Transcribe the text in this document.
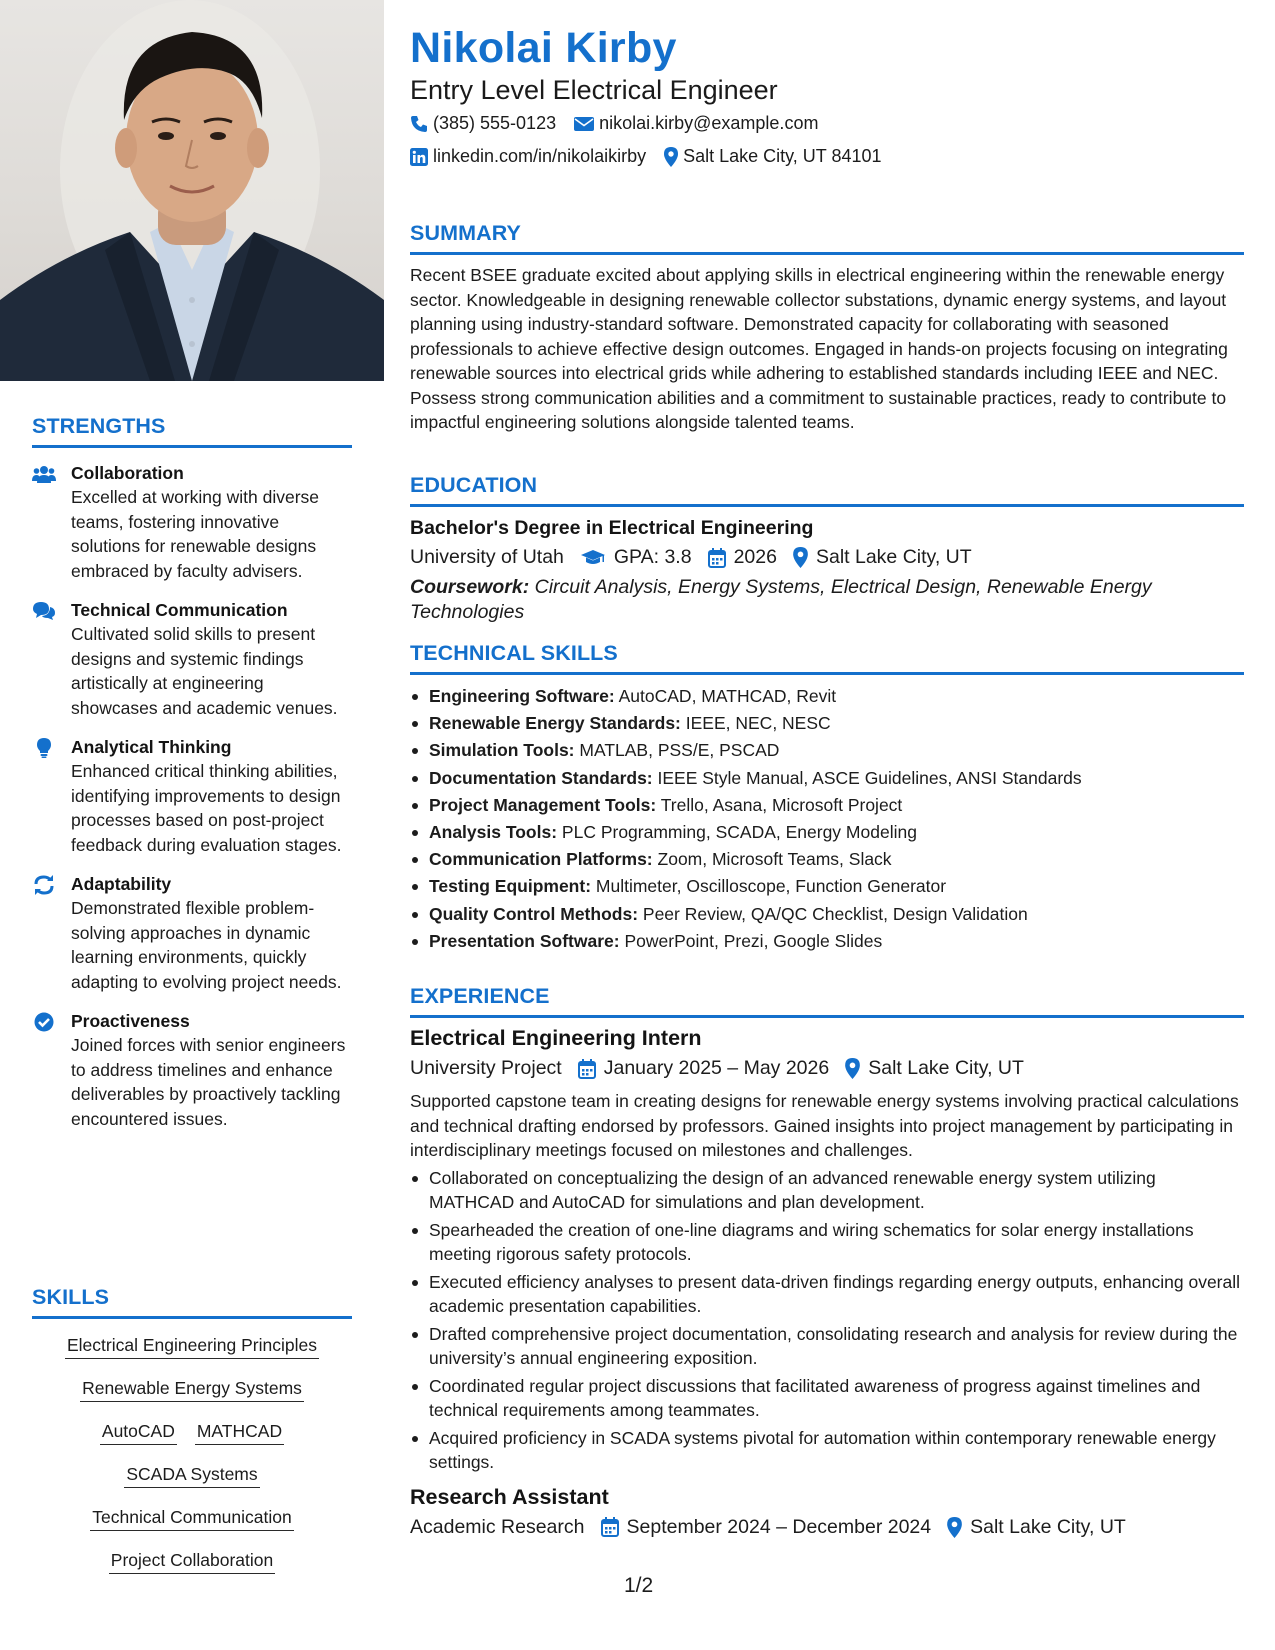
STRENGTHS
Collaboration
Excelled at working with diverse teams, fostering innovative solutions for renewable designs embraced by faculty advisers.
Technical Communication
Cultivated solid skills to present designs and systemic findings artistically at engineering showcases and academic venues.
Analytical Thinking
Enhanced critical thinking abilities, identifying improvements to design processes based on post-project feedback during evaluation stages.
Adaptability
Demonstrated flexible problem-solving approaches in dynamic learning environments, quickly adapting to evolving project needs.
Proactiveness
Joined forces with senior engineers to address timelines and enhance deliverables by proactively tackling encountered issues.
SKILLS
Electrical Engineering Principles
Renewable Energy Systems
AutoCAD MATHCAD
SCADA Systems
Technical Communication
Project Collaboration
Nikolai Kirby
Entry Level Electrical Engineer
(385) 555-0123 nikolai.kirby@example.com
linkedin.com/in/nikolaikirby Salt Lake City, UT 84101
SUMMARY
Recent BSEE graduate excited about applying skills in electrical engineering within the renewable energy sector. Knowledgeable in designing renewable collector substations, dynamic energy systems, and layout planning using industry-standard software. Demonstrated capacity for collaborating with seasoned professionals to achieve effective design outcomes. Engaged in hands-on projects focusing on integrating renewable sources into electrical grids while adhering to established standards including IEEE and NEC. Possess strong communication abilities and a commitment to sustainable practices, ready to contribute to impactful engineering solutions alongside talented teams.
EDUCATION
Bachelor's Degree in Electrical Engineering
University of Utah	GPA: 3.8 2026 Salt Lake City, UT
Coursework: Circuit Analysis, Energy Systems, Electrical Design, Renewable Energy Technologies
TECHNICAL SKILLS
Engineering Software: AutoCAD, MATHCAD, Revit
Renewable Energy Standards: IEEE, NEC, NESC
Simulation Tools: MATLAB, PSS/E, PSCAD
Documentation Standards: IEEE Style Manual, ASCE Guidelines, ANSI Standards
Project Management Tools: Trello, Asana, Microsoft Project
Analysis Tools: PLC Programming, SCADA, Energy Modeling
Communication Platforms: Zoom, Microsoft Teams, Slack
Testing Equipment: Multimeter, Oscilloscope, Function Generator
Quality Control Methods: Peer Review, QA/QC Checklist, Design Validation
Presentation Software: PowerPoint, Prezi, Google Slides
EXPERIENCE
Electrical Engineering Intern
University Project January 2025 – May 2026 Salt Lake City, UT
Supported capstone team in creating designs for renewable energy systems involving practical calculations and technical drafting endorsed by professors. Gained insights into project management by participating in interdisciplinary meetings focused on milestones and challenges.
Collaborated on conceptualizing the design of an advanced renewable energy system utilizing MATHCAD and AutoCAD for simulations and plan development.
Spearheaded the creation of one-line diagrams and wiring schematics for solar energy installations meeting rigorous safety protocols.
Executed efficiency analyses to present data-driven findings regarding energy outputs, enhancing overall academic presentation capabilities.
Drafted comprehensive project documentation, consolidating research and analysis for review during the university’s annual engineering exposition.
Coordinated regular project discussions that facilitated awareness of progress against timelines and technical requirements among teammates.
Acquired proficiency in SCADA systems pivotal for automation within contemporary renewable energy settings.
Research Assistant
Academic Research September 2024 – December 2024 Salt Lake City, UT
1/2
